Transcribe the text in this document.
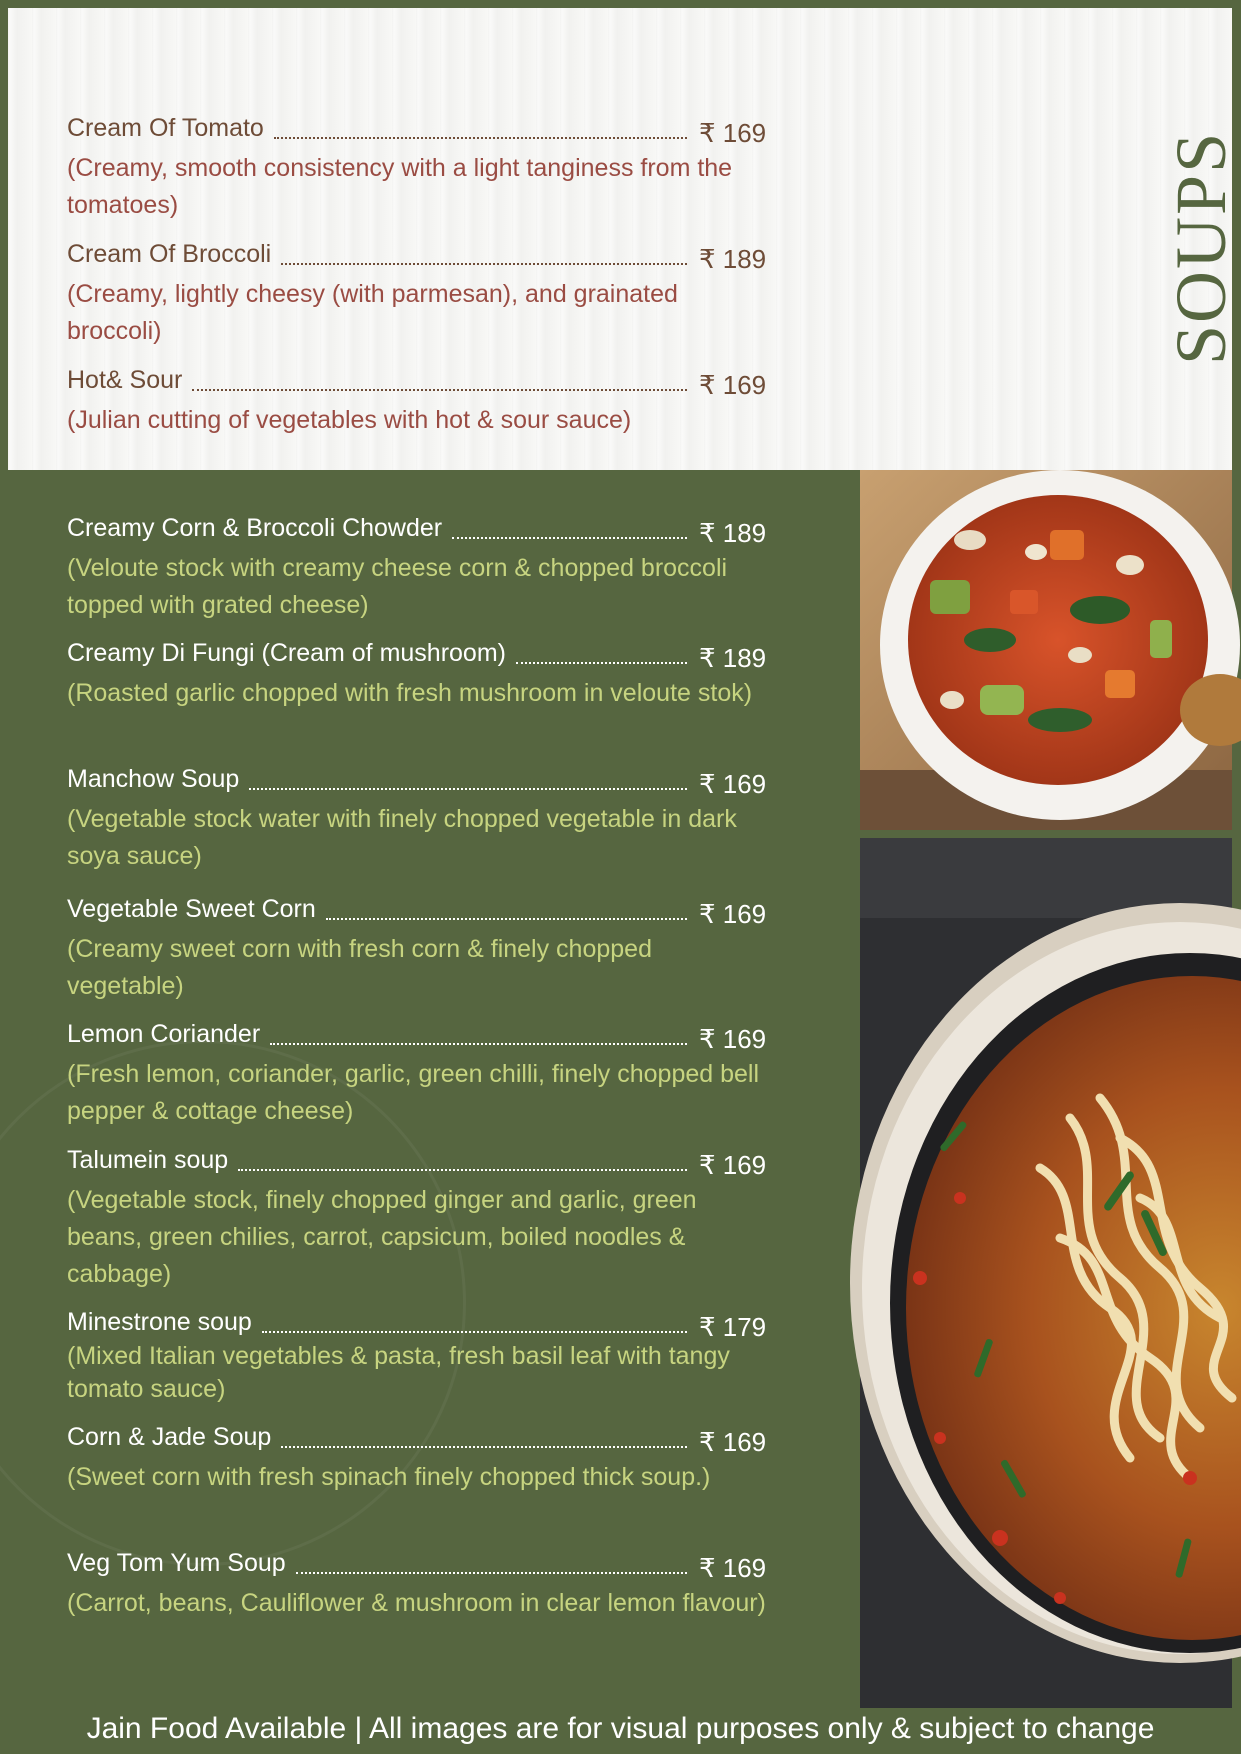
Cream Of Tomato	₹ 169
(Creamy, smooth consistency with a light tanginess from the tomatoes)
Cream Of Broccoli	₹ 189
(Creamy, lightly cheesy (with parmesan), and grainated broccoli)
Hot& Sour	₹ 169
(Julian cutting of vegetables with hot & sour sauce)
SOUPS
Creamy Corn & Broccoli Chowder	₹ 189
(Veloute stock with creamy cheese corn & chopped broccoli topped with grated cheese)
Creamy Di Fungi (Cream of mushroom)	₹ 189
(Roasted garlic chopped with fresh mushroom in veloute stok)
Manchow Soup	₹ 169
(Vegetable stock water with finely chopped vegetable in dark soya sauce)
Vegetable Sweet Corn	₹ 169
(Creamy sweet corn with fresh corn & finely chopped vegetable)
Lemon Coriander	₹ 169
(Fresh lemon, coriander, garlic, green chilli, finely chopped bell pepper & cottage cheese)
Talumein soup	₹ 169
(Vegetable stock, finely chopped ginger and garlic, green beans, green chilies, carrot, capsicum, boiled noodles & cabbage)
Minestrone soup	₹ 179
(Mixed Italian vegetables & pasta, fresh basil leaf with tangy tomato sauce)
Corn & Jade Soup	₹ 169
(Sweet corn with fresh spinach finely chopped thick soup.)
Veg Tom Yum Soup	₹ 169
(Carrot, beans, Cauliflower & mushroom in clear lemon flavour)
Jain Food Available | All images are for visual purposes only & subject to change
